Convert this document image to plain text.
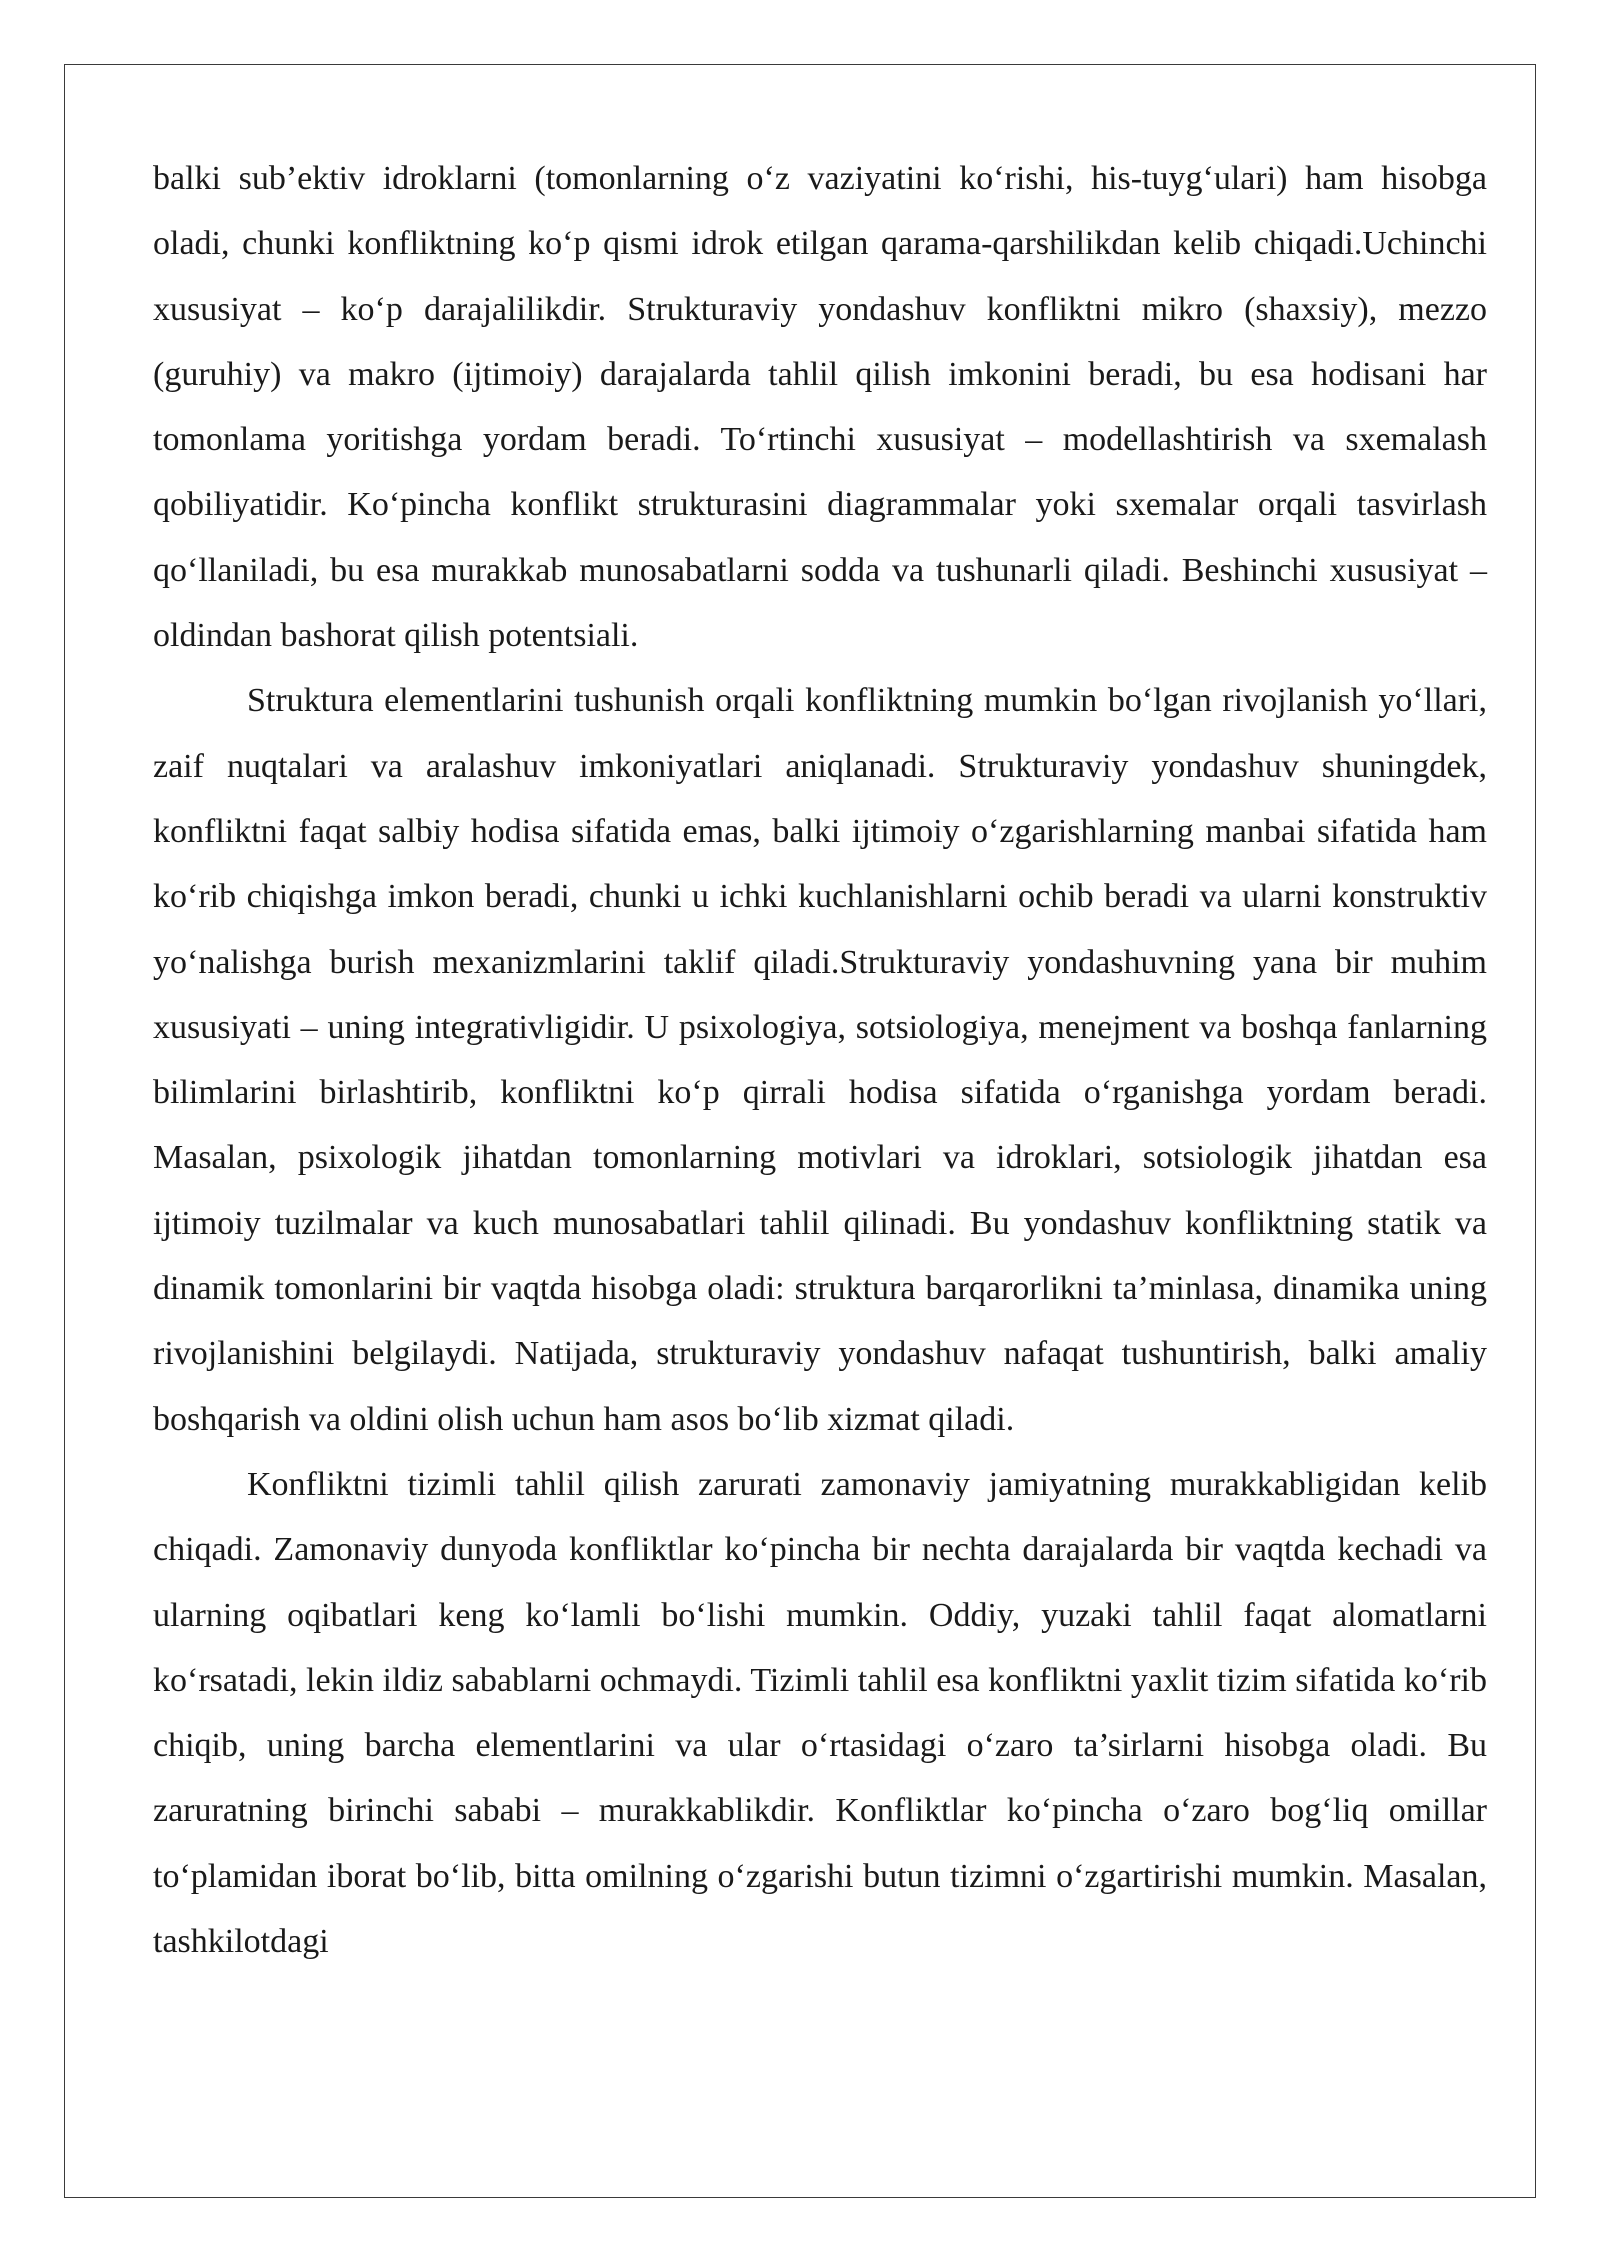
balki sub’ektiv idroklarni (tomonlarning o‘z vaziyatini ko‘rishi, his-tuyg‘ulari) ham hisobga oladi, chunki konfliktning ko‘p qismi idrok etilgan qarama-qarshilikdan kelib chiqadi.Uchinchi xususiyat – ko‘p darajalilikdir. Strukturaviy yondashuv konfliktni mikro (shaxsiy), mezzo (guruhiy) va makro (ijtimoiy) darajalarda tahlil qilish imkonini beradi, bu esa hodisani har tomonlama yoritishga yordam beradi. To‘rtinchi xususiyat – modellashtirish va sxemalash qobiliyatidir. Ko‘pincha konflikt strukturasini diagrammalar yoki sxemalar orqali tasvirlash qo‘llaniladi, bu esa murakkab munosabatlarni sodda va tushunarli qiladi. Beshinchi xususiyat – oldindan bashorat qilish potentsiali.

Struktura elementlarini tushunish orqali konfliktning mumkin bo‘lgan rivojlanish yo‘llari, zaif nuqtalari va aralashuv imkoniyatlari aniqlanadi. Strukturaviy yondashuv shuningdek, konfliktni faqat salbiy hodisa sifatida emas, balki ijtimoiy o‘zgarishlarning manbai sifatida ham ko‘rib chiqishga imkon beradi, chunki u ichki kuchlanishlarni ochib beradi va ularni konstruktiv yo‘nalishga burish mexanizmlarini taklif qiladi.Strukturaviy yondashuvning yana bir muhim xususiyati – uning integrativligidir. U psixologiya, sotsiologiya, menejment va boshqa fanlarning bilimlarini birlashtirib, konfliktni ko‘p qirrali hodisa sifatida o‘rganishga yordam beradi. Masalan, psixologik jihatdan tomonlarning motivlari va idroklari, sotsiologik jihatdan esa ijtimoiy tuzilmalar va kuch munosabatlari tahlil qilinadi. Bu yondashuv konfliktning statik va dinamik tomonlarini bir vaqtda hisobga oladi: struktura barqarorlikni ta’minlasa, dinamika uning rivojlanishini belgilaydi. Natijada, strukturaviy yondashuv nafaqat tushuntirish, balki amaliy boshqarish va oldini olish uchun ham asos bo‘lib xizmat qiladi.

Konfliktni tizimli tahlil qilish zarurati zamonaviy jamiyatning murakkabligidan kelib chiqadi. Zamonaviy dunyoda konfliktlar ko‘pincha bir nechta darajalarda bir vaqtda kechadi va ularning oqibatlari keng ko‘lamli bo‘lishi mumkin. Oddiy, yuzaki tahlil faqat alomatlarni ko‘rsatadi, lekin ildiz sabablarni ochmaydi. Tizimli tahlil esa konfliktni yaxlit tizim sifatida ko‘rib chiqib, uning barcha elementlarini va ular o‘rtasidagi o‘zaro ta’sirlarni hisobga oladi. Bu zaruratning birinchi sababi – murakkablikdir. Konfliktlar ko‘pincha o‘zaro bog‘liq omillar to‘plamidan iborat bo‘lib, bitta omilning o‘zgarishi butun tizimni o‘zgartirishi mumkin. Masalan, tashkilotdagi
